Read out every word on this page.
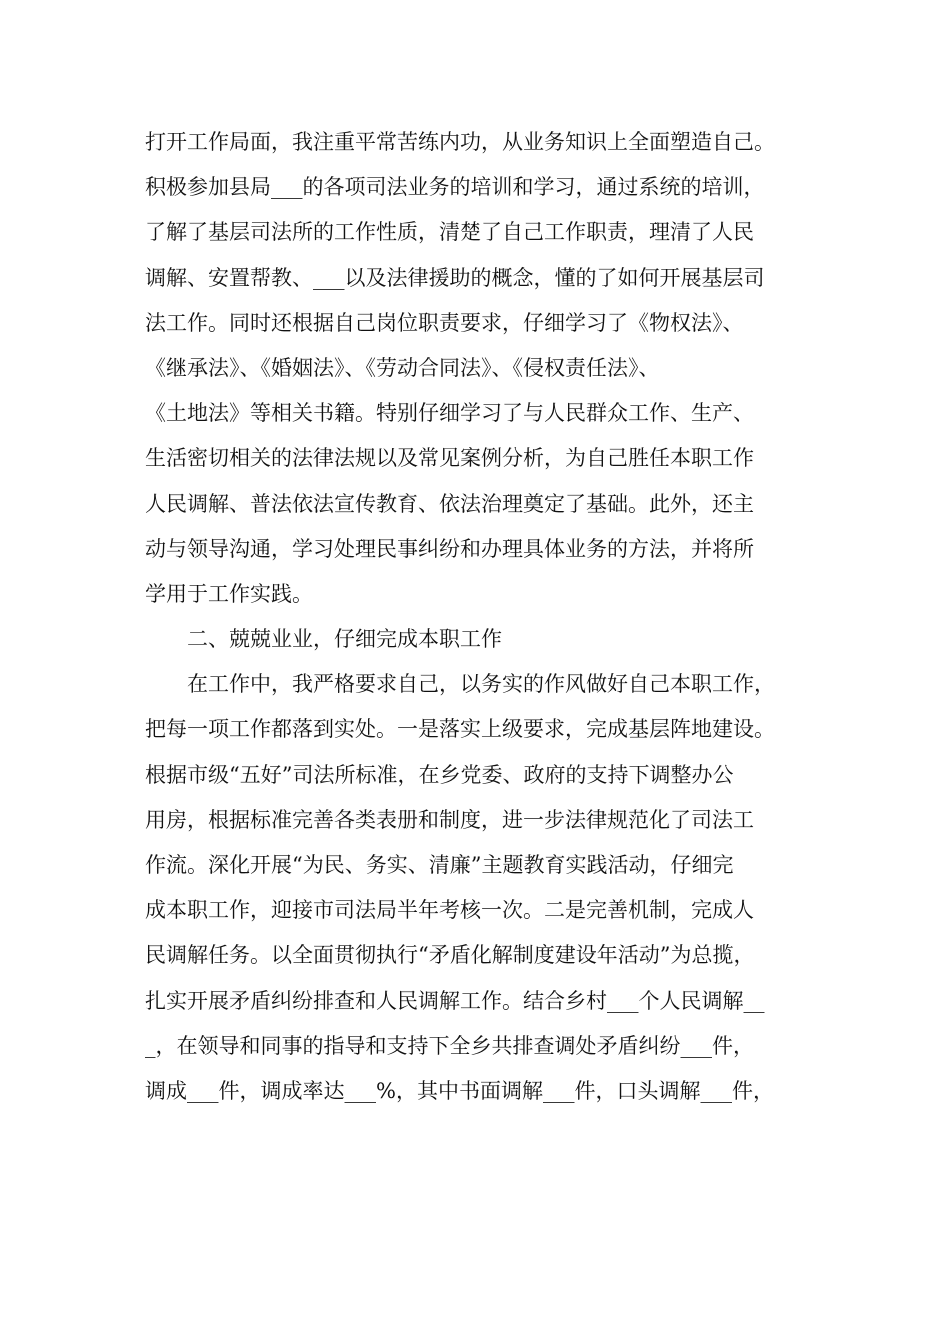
打开工作局面，我注重平常苦练内功，从业务知识上全面塑造自己。
积极参加县局___的各项司法业务的培训和学习，通过系统的培训，
了解了基层司法所的工作性质，清楚了自己工作职责，理清了人民
调解、安置帮教、___以及法律援助的概念，懂的了如何开展基层司
法工作。同时还根据自己岗位职责要求，仔细学习了《物权法》、
《继承法》、《婚姻法》、《劳动合同法》、《侵权责任法》、
《土地法》等相关书籍。特别仔细学习了与人民群众工作、生产、
生活密切相关的法律法规以及常见案例分析，为自己胜任本职工作
人民调解、普法依法宣传教育、依法治理奠定了基础。此外，还主
动与领导沟通，学习处理民事纠纷和办理具体业务的方法，并将所
学用于工作实践。
二、兢兢业业，仔细完成本职工作
在工作中，我严格要求自己，以务实的作风做好自己本职工作，
把每一项工作都落到实处。一是落实上级要求，完成基层阵地建设。
根据市级“五好”司法所标准，在乡党委、政府的支持下调整办公
用房，根据标准完善各类表册和制度，进一步法律规范化了司法工
作流。深化开展“为民、务实、清廉”主题教育实践活动，仔细完
成本职工作，迎接市司法局半年考核一次。二是完善机制，完成人
民调解任务。以全面贯彻执行“矛盾化解制度建设年活动”为总揽，
扎实开展矛盾纠纷排查和人民调解工作。结合乡村___个人民调解__
_，在领导和同事的指导和支持下全乡共排查调处矛盾纠纷___件，
调成___件，调成率达___%，其中书面调解___件，口头调解___件，
